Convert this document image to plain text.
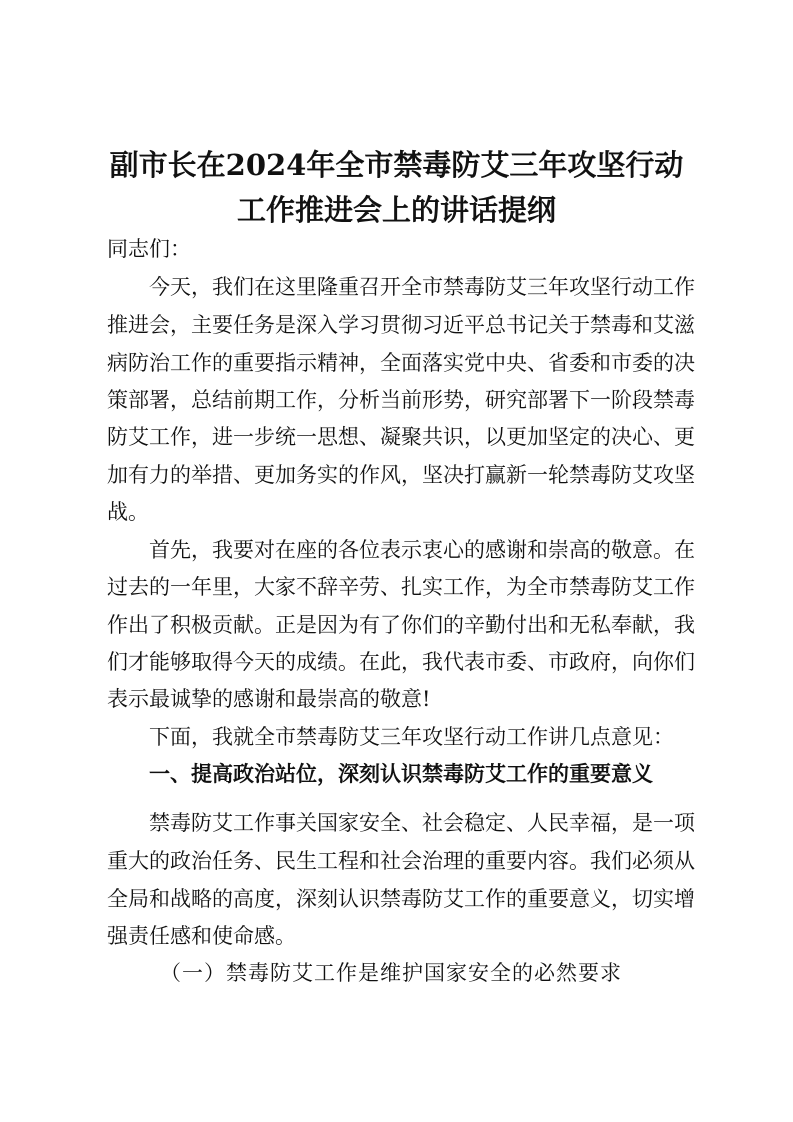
副市长在2024年全市禁毒防艾三年攻坚行动
工作推进会上的讲话提纲
同志们：
今天，我们在这里隆重召开全市禁毒防艾三年攻坚行动工作
推进会，主要任务是深入学习贯彻习近平总书记关于禁毒和艾滋
病防治工作的重要指示精神，全面落实党中央、省委和市委的决
策部署，总结前期工作，分析当前形势，研究部署下一阶段禁毒
防艾工作，进一步统一思想、凝聚共识，以更加坚定的决心、更
加有力的举措、更加务实的作风，坚决打赢新一轮禁毒防艾攻坚
战。
首先，我要对在座的各位表示衷心的感谢和崇高的敬意。在
过去的一年里，大家不辞辛劳、扎实工作，为全市禁毒防艾工作
作出了积极贡献。正是因为有了你们的辛勤付出和无私奉献，我
们才能够取得今天的成绩。在此，我代表市委、市政府，向你们
表示最诚挚的感谢和最崇高的敬意!
下面，我就全市禁毒防艾三年攻坚行动工作讲几点意见：
一、提高政治站位，深刻认识禁毒防艾工作的重要意义
禁毒防艾工作事关国家安全、社会稳定、人民幸福，是一项
重大的政治任务、民生工程和社会治理的重要内容。我们必须从
全局和战略的高度，深刻认识禁毒防艾工作的重要意义，切实增
强责任感和使命感。
（一）禁毒防艾工作是维护国家安全的必然要求
